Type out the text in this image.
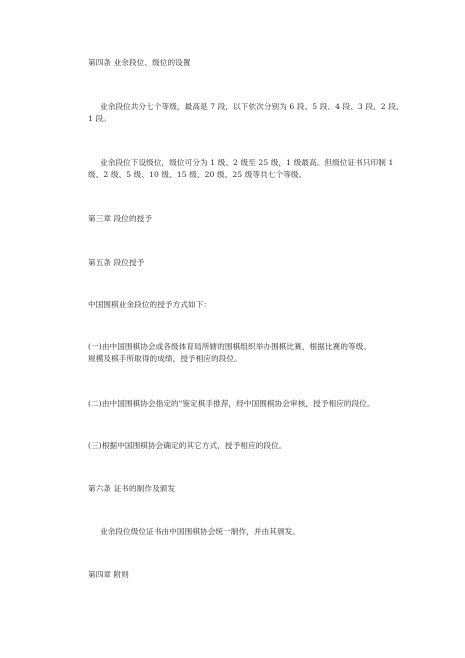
第四条 业余段位、级位的设置
业余段位共分七个等级，最高是 7 段，以下依次分别为 6 段、5 段、4 段、3 段、2 段、
1 段。
业余段位下设级位，级位可分为 1 级、2 级至 25 级，1 级最高。但级位证书只印制 1
级、2 级、5 级、10 级、15 级、20 级、25 级等共七个等级。
第三章 段位的授予
第五条 段位授予
中国围棋业余段位的授予方式如下：
(一)由中国围棋协会或各级体育局所辖的围棋组织举办围棋比赛，根据比赛的等级、
规模及棋手所取得的成绩，授予相应的段位。
(二)由中国围棋协会指定的"鉴定棋手推荐，经中国围棋协会审核，授予相应的段位。
(三)根据中国围棋协会确定的其它方式，授予相应的段位。
第六条 证书的制作及颁发
业余段位级位证书由中国围棋协会统一制作，并由其颁发。
第四章 附则
